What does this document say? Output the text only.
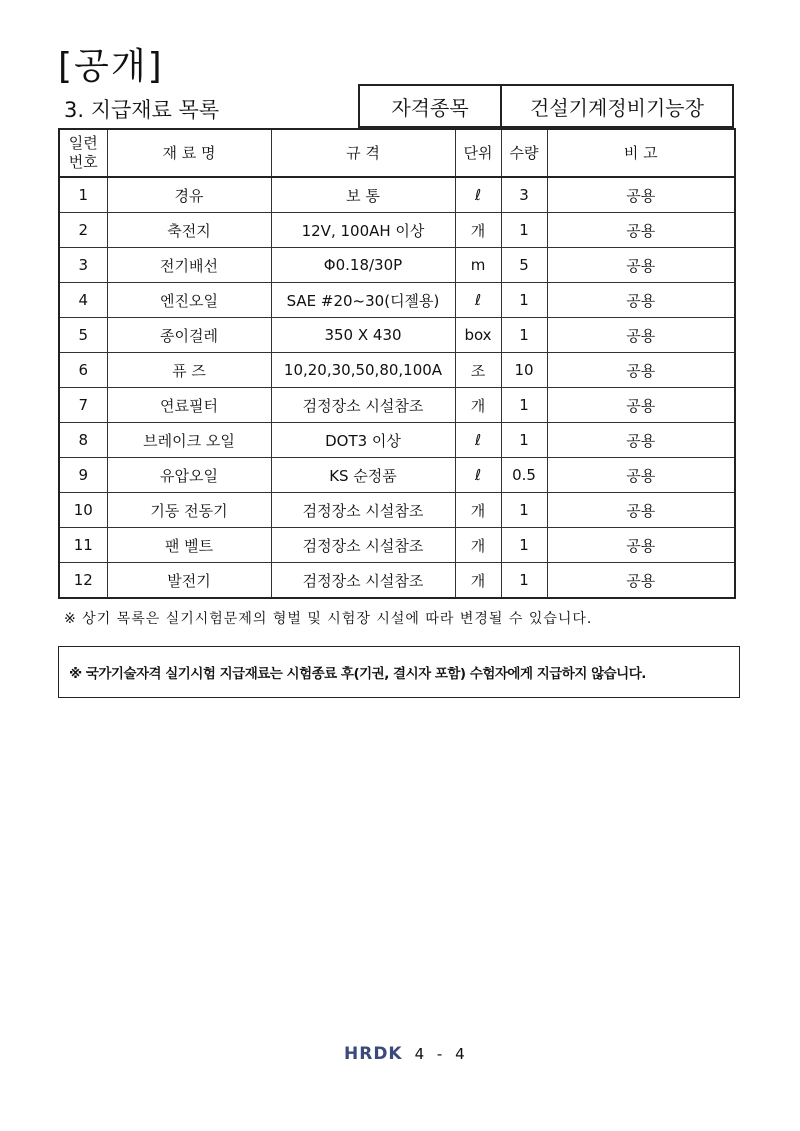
[공개]
3. 지급재료 목록	자격종목	건설기계정비기능장
일련
번호	재 료 명	규 격	단위	수량	비 고
1	경유	보 통	ℓ	3	공용
2	축전지	12V, 100AH 이상	개	1	공용
3	전기배선	Φ0.18/30P	m	5	공용
4	엔진오일	SAE #20~30(디젤용)	ℓ	1	공용
5	종이걸레	350 X 430	box	1	공용
6	퓨 즈	10,20,30,50,80,100A	조	10	공용
7	연료필터	검정장소 시설참조	개	1	공용
8	브레이크 오일	DOT3 이상	ℓ	1	공용
9	유압오일	KS 순정품	ℓ	0.5	공용
10	기동 전동기	검정장소 시설참조	개	1	공용
11	팬 벨트	검정장소 시설참조	개	1	공용
12	발전기	검정장소 시설참조	개	1	공용
※ 상기 목록은 실기시험문제의 형벌 및 시험장 시설에 따라 변경될 수 있습니다.
※ 국가기술자격 실기시험 지급재료는 시험종료 후(기권, 결시자 포함) 수험자에게 지급하지 않습니다.
HRDK 4 - 4
